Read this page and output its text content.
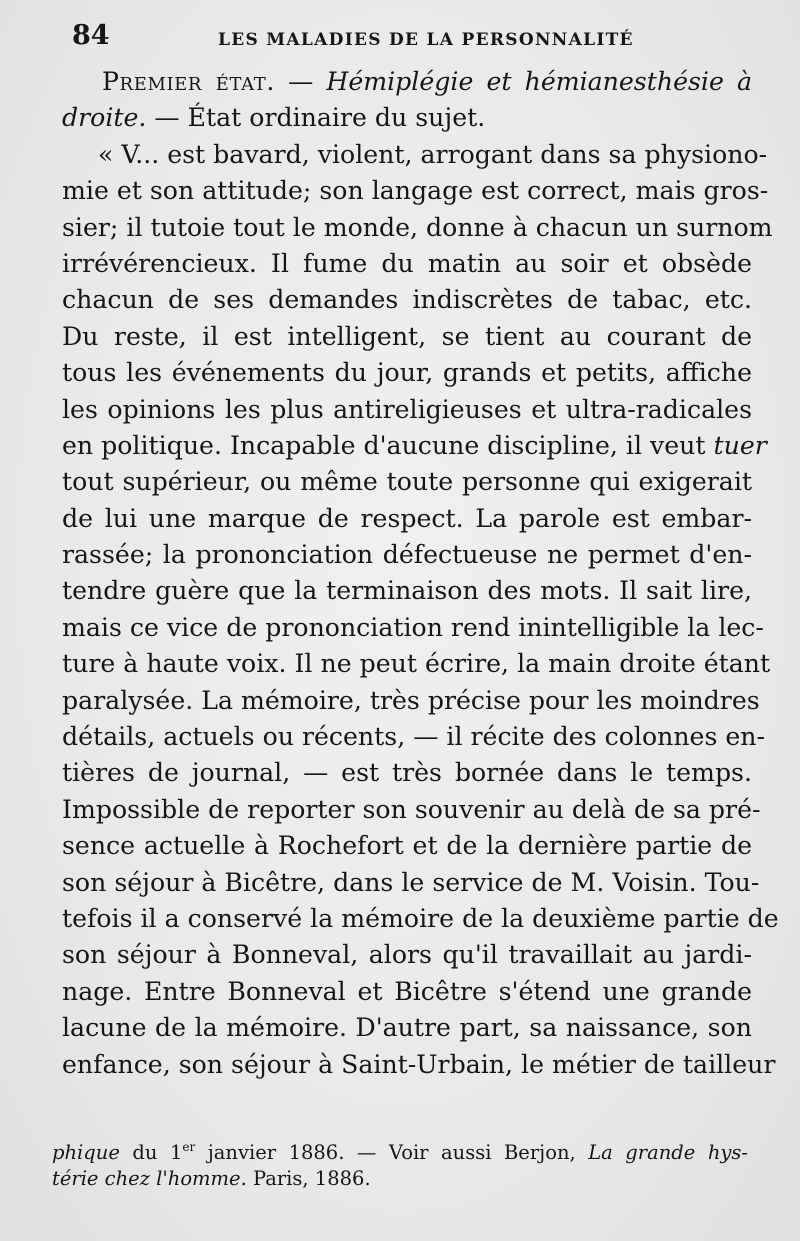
84	LES MALADIES DE LA PERSONNALITÉ
Premier état. — Hémiplégie et hémianesthésie à
droite. — État ordinaire du sujet.
« V... est bavard, violent, arrogant dans sa physiono-
mie et son attitude; son langage est correct, mais gros-
sier; il tutoie tout le monde, donne à chacun un surnom
irrévérencieux. Il fume du matin au soir et obsède
chacun de ses demandes indiscrètes de tabac, etc.
Du reste, il est intelligent, se tient au courant de
tous les événements du jour, grands et petits, affiche
les opinions les plus antireligieuses et ultra-radicales
en politique. Incapable d'aucune discipline, il veut tuer
tout supérieur, ou même toute personne qui exigerait
de lui une marque de respect. La parole est embar-
rassée; la prononciation défectueuse ne permet d'en-
tendre guère que la terminaison des mots. Il sait lire,
mais ce vice de prononciation rend inintelligible la lec-
ture à haute voix. Il ne peut écrire, la main droite étant
paralysée. La mémoire, très précise pour les moindres
détails, actuels ou récents, — il récite des colonnes en-
tières de journal, — est très bornée dans le temps.
Impossible de reporter son souvenir au delà de sa pré-
sence actuelle à Rochefort et de la dernière partie de
son séjour à Bicêtre, dans le service de M. Voisin. Tou-
tefois il a conservé la mémoire de la deuxième partie de
son séjour à Bonneval, alors qu'il travaillait au jardi-
nage. Entre Bonneval et Bicêtre s'étend une grande
lacune de la mémoire. D'autre part, sa naissance, son
enfance, son séjour à Saint-Urbain, le métier de tailleur
phique du 1er janvier 1886. — Voir aussi Berjon, La grande hys-
térie chez l'homme. Paris, 1886.
